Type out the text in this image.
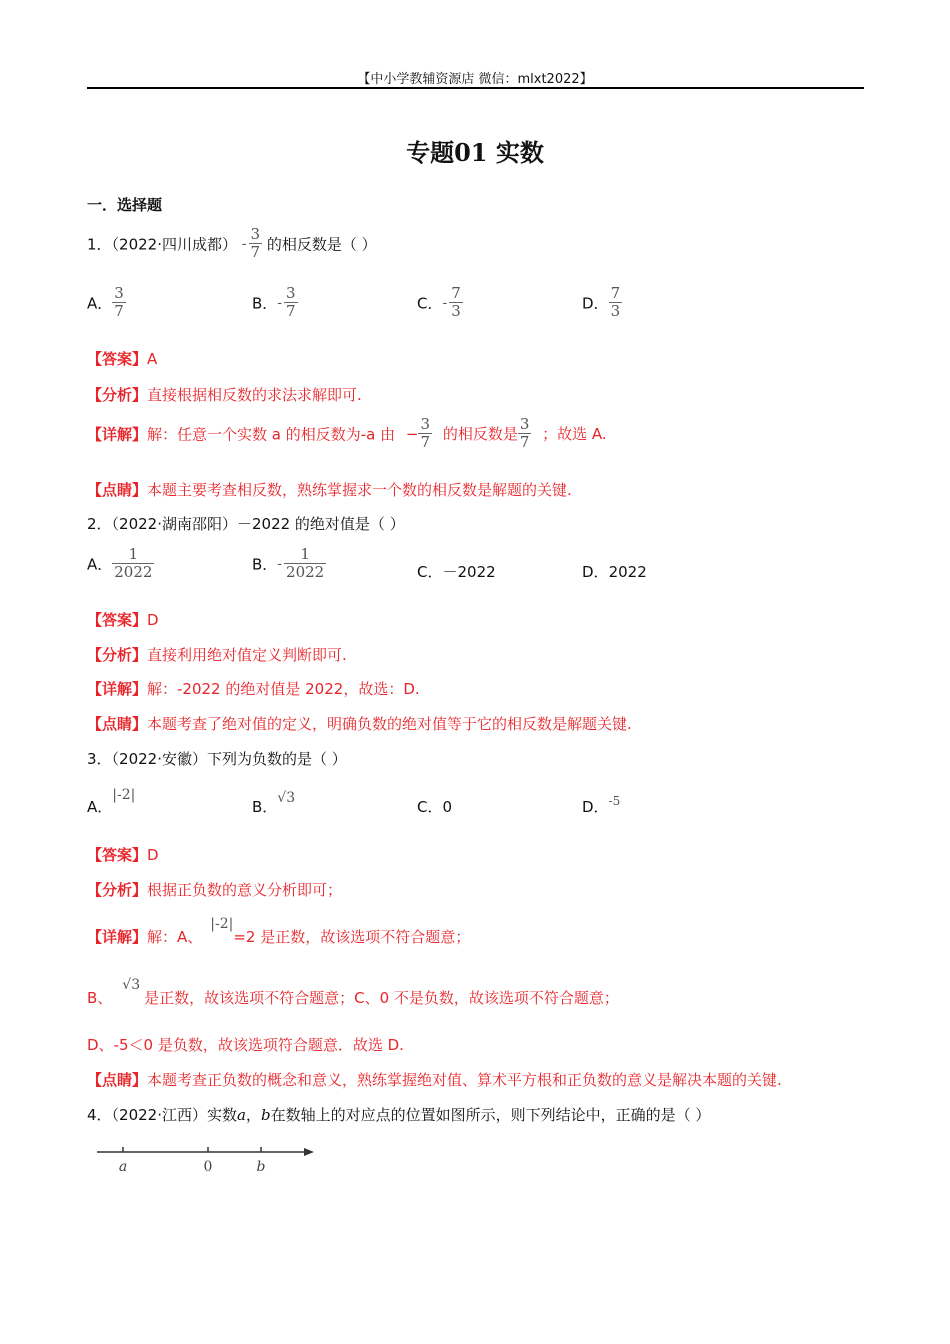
【中小学教辅资源店 微信：mlxt2022】
专题01 实数
一．选择题
1．（2022·四川成都） - $\frac{3}{7}$ 的相反数是（ ）
A． $\frac{3}{7}$	B．- $\frac{3}{7}$	C．- $\frac{7}{3}$	D． $\frac{7}{3}$
【答案】A
【分析】直接根据相反数的求法求解即可.
【详解】解：任意一个实数 a 的相反数为-a 由 − $\frac{3}{7}$ 的相反数是 $\frac{3}{7}$ ；故选 A.
【点睛】本题主要考查相反数，熟练掌握求一个数的相反数是解题的关键.
2．（2022·湖南邵阳）－2022 的绝对值是（ ）
A． $\frac{1}{2022}$	B．- $\frac{1}{2022}$	C．－2022	D．2022
【答案】D
【分析】直接利用绝对值定义判断即可.
【详解】解：-2022 的绝对值是 2022，故选：D.
【点睛】本题考查了绝对值的定义，明确负数的绝对值等于它的相反数是解题关键.
3．（2022·安徽）下列为负数的是（ ）
A．|-2|
B．√3	C．0	D．-5
【答案】D
【分析】根据正负数的意义分析即可；
【详解】解：A、|-2|=2 是正数，故该选项不符合题意；
B、√3是正数，故该选项不符合题意；C、0 不是负数，故该选项不符合题意；
D、-5＜0 是负数，故该选项符合题意．故选 D.
【点睛】本题考查正负数的概念和意义，熟练掌握绝对值、算术平方根和正负数的意义是解决本题的关键.
4．（2022·江西）实数a，b在数轴上的对应点的位置如图所示，则下列结论中，正确的是（ ）
a	0	b
